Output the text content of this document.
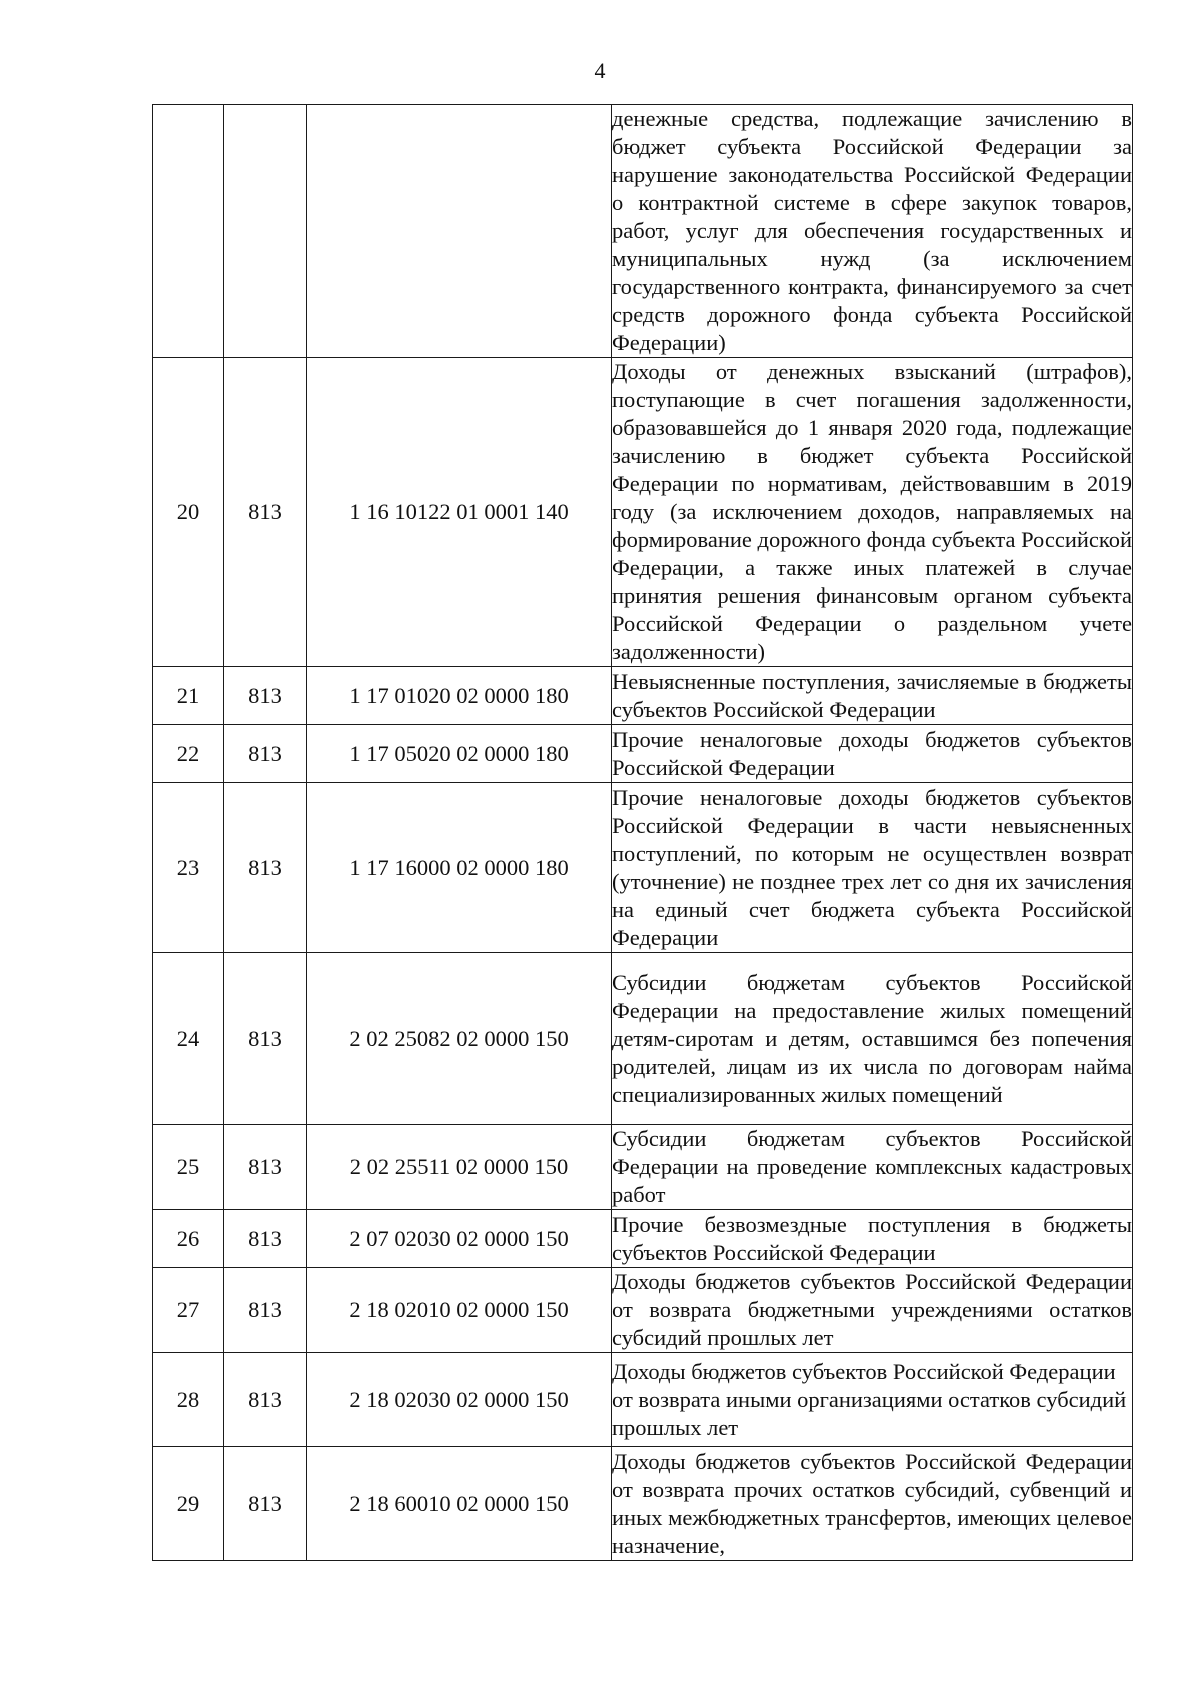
4
			денежные средства, подлежащие зачислению в бюджет субъекта Российской Федерации за нарушение законодательства Российской Федерации о контрактной системе в сфере закупок товаров, работ, услуг для обеспечения государственных и муниципальных нужд (за исключением государственного контракта, финансируемого за счет средств дорожного фонда субъекта Российской Федерации)
20	813	1 16 10122 01 0001 140	Доходы от денежных взысканий (штрафов), поступающие в счет погашения задолженности, образовавшейся до 1 января 2020 года, подлежащие зачислению в бюджет субъекта Российской Федерации по нормативам, действовавшим в 2019 году (за исключением доходов, направляемых на формирование дорожного фонда субъекта Российской Федерации, а также иных платежей в случае принятия решения финансовым органом субъекта Российской Федерации о раздельном учете задолженности)
21	813	1 17 01020 02 0000 180	Невыясненные поступления, зачисляемые в бюджеты субъектов Российской Федерации
22	813	1 17 05020 02 0000 180	Прочие неналоговые доходы бюджетов субъектов Российской Федерации
23	813	1 17 16000 02 0000 180	Прочие неналоговые доходы бюджетов субъектов Российской Федерации в части невыясненных поступлений, по которым не осуществлен возврат (уточнение) не позднее трех лет со дня их зачисления на единый счет бюджета субъекта Российской Федерации
24	813	2 02 25082 02 0000 150	Субсидии бюджетам субъектов Российской Федерации на предоставление жилых помещений детям-сиротам и детям, оставшимся без попечения родителей, лицам из их числа по договорам найма специализированных жилых помещений
25	813	2 02 25511 02 0000 150	Субсидии бюджетам субъектов Российской Федерации на проведение комплексных кадастровых работ
26	813	2 07 02030 02 0000 150	Прочие безвозмездные поступления в бюджеты субъектов Российской Федерации
27	813	2 18 02010 02 0000 150	Доходы бюджетов субъектов Российской Федерации от возврата бюджетными учреждениями остатков субсидий прошлых лет
28	813	2 18 02030 02 0000 150	Доходы бюджетов субъектов Российской Федерации от возврата иными организациями остатков субсидий прошлых лет
29	813	2 18 60010 02 0000 150	Доходы бюджетов субъектов Российской Федерации от возврата прочих остатков субсидий, субвенций и иных межбюджетных трансфертов, имеющих целевое назначение,
